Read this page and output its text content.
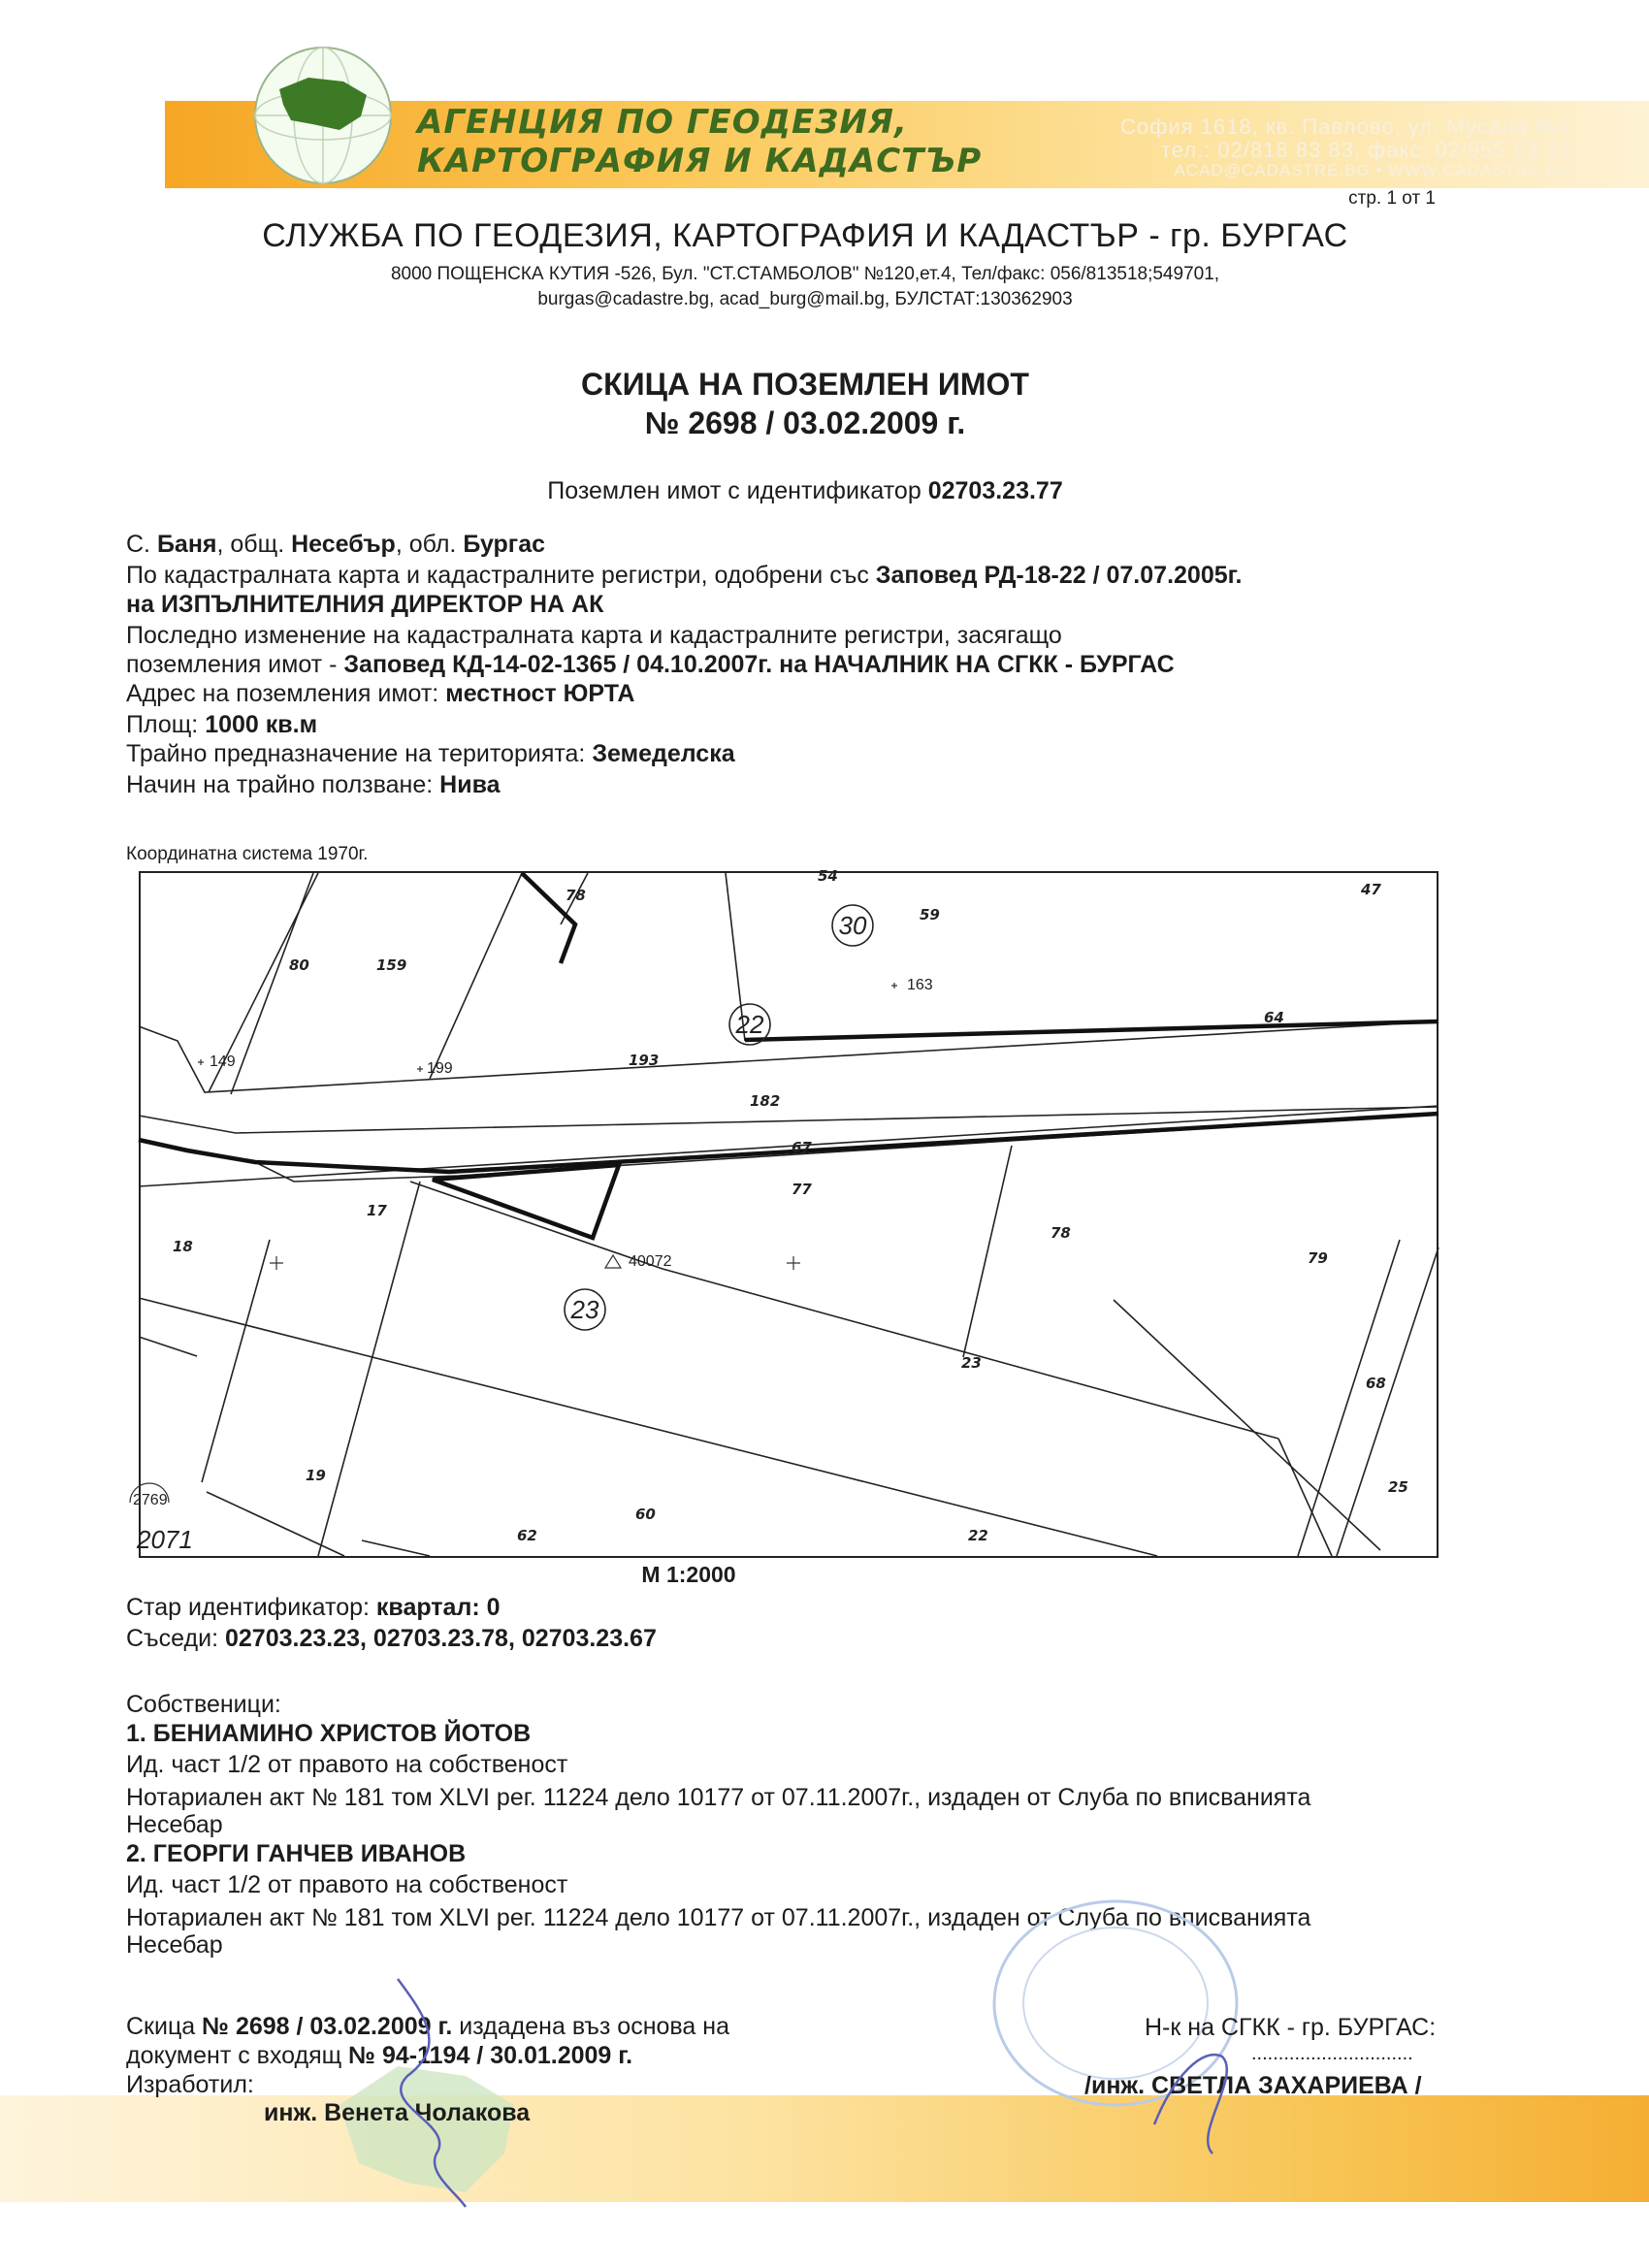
АГЕНЦИЯ ПО ГЕОДЕЗИЯ,
КАРТОГРАФИЯ И КАДАСТЪР
София 1618, кв. Павлово, ул. Мусала №1
тел.: 02/818 83 83, факс: 02/955 53 33
ACAD@CADASTRE.BG • WWW.CADASTRE.BG
стр. 1 от 1
СЛУЖБА ПО ГЕОДЕЗИЯ, КАРТОГРАФИЯ И КАДАСТЪР - гр. БУРГАС
8000 ПОЩЕНСКА КУТИЯ -526, Бул. "СТ.СТАМБОЛОВ" №120,ет.4, Тел/факс: 056/813518;549701,
burgas@cadastre.bg, acad_burg@mail.bg, БУЛСТАТ:130362903
СКИЦА НА ПОЗЕМЛЕН ИМОТ
№ 2698 / 03.02.2009 г.
Поземлен имот с идентификатор 02703.23.77
С. Баня, общ. Несебър, обл. Бургас
По кадастралната карта и кадастралните регистри, одобрени със Заповед РД-18-22 / 07.07.2005г.
на ИЗПЪЛНИТЕЛНИЯ ДИРЕКТОР НА АК
Последно изменение на кадастралната карта и кадастралните регистри, засягащо
поземления имот - Заповед КД-14-02-1365 / 04.10.2007г. на НАЧАЛНИК НА СГКК - БУРГАС
Адрес на поземления имот: местност ЮРТА
Площ: 1000 кв.м
Трайно предназначение на територията: Земеделска
Начин на трайно ползване: Нива
Координатна система 1970г.
54
78
59
47
80	159
64
193
182
67
77
17
18
78
79
23
68
19
25
60
62	22
163
149	199
40072
2769
30
22
23
2071
М 1:2000
Стар идентификатор: квартал: 0
Съседи: 02703.23.23, 02703.23.78, 02703.23.67
Собственици:
1. БЕНИАМИНО ХРИСТОВ ЙОТОВ
Ид. част 1/2 от правото на собственост
Нотариален акт № 181 том XLVI рег. 11224 дело 10177 от 07.11.2007г., издаден от Слуба по вписванията
Несебар
2. ГЕОРГИ ГАНЧЕВ ИВАНОВ
Ид. част 1/2 от правото на собственост
Нотариален акт № 181 том XLVI рег. 11224 дело 10177 от 07.11.2007г., издаден от Слуба по вписванията
Несебар
Скица № 2698 / 03.02.2009 г. издадена въз основа на
документ с входящ № 94-1194 / 30.01.2009 г.
Изработил:
инж. Венета Чолакова
Н-к на СГКК - гр. БУРГАС:
..............................
/инж. СВЕТЛА ЗАХАРИЕВА /
